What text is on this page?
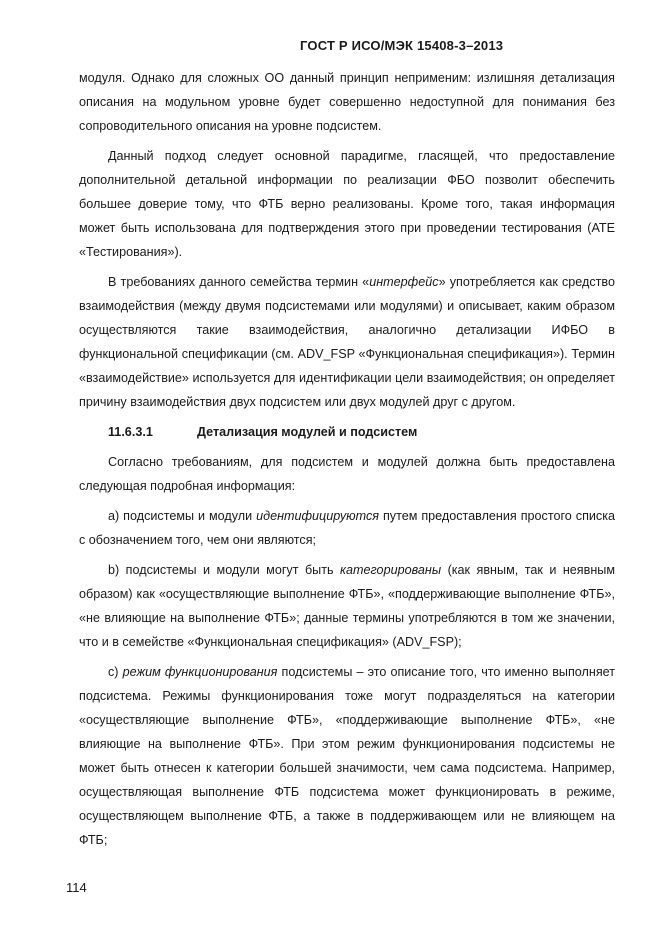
ГОСТ Р ИСО/МЭК 15408-3–2013

модуля. Однако для сложных ОО данный принцип неприменим: излишняя детализация описания на модульном уровне будет совершенно недоступной для понимания без сопроводительного описания на уровне подсистем.

Данный подход следует основной парадигме, гласящей, что предоставление дополнительной детальной информации по реализации ФБО позволит обеспечить большее доверие тому, что ФТБ верно реализованы. Кроме того, такая информация может быть использована для подтверждения этого при проведении тестирования (ATE «Тестирования»).

В требованиях данного семейства термин «интерфейс» употребляется как средство взаимодействия (между двумя подсистемами или модулями) и описывает, каким образом осуществляются такие взаимодействия, аналогично детализации ИФБО в функциональной спецификации (см. ADV_FSP «Функциональная спецификация»). Термин «взаимодействие» используется для идентификации цели взаимодействия; он определяет причину взаимодействия двух подсистем или двух модулей друг с другом.

11.6.3.1	Детализация модулей и подсистем

Согласно требованиям, для подсистем и модулей должна быть предоставлена следующая подробная информация:

a) подсистемы и модули идентифицируются путем предоставления простого списка с обозначением того, чем они являются;

b) подсистемы и модули могут быть категорированы (как явным, так и неявным образом) как «осуществляющие выполнение ФТБ», «поддерживающие выполнение ФТБ», «не влияющие на выполнение ФТБ»; данные термины употребляются в том же значении, что и в семействе «Функциональная спецификация» (ADV_FSP);

c) режим функционирования подсистемы – это описание того, что именно выполняет подсистема. Режимы функционирования тоже могут подразделяться на категории «осуществляющие выполнение ФТБ», «поддерживающие выполнение ФТБ», «не влияющие на выполнение ФТБ». При этом режим функционирования подсистемы не может быть отнесен к категории большей значимости, чем сама подсистема. Например, осуществляющая выполнение ФТБ подсистема может функционировать в режиме, осуществляющем выполнение ФТБ, а также в поддерживающем или не влияющем на ФТБ;

114
